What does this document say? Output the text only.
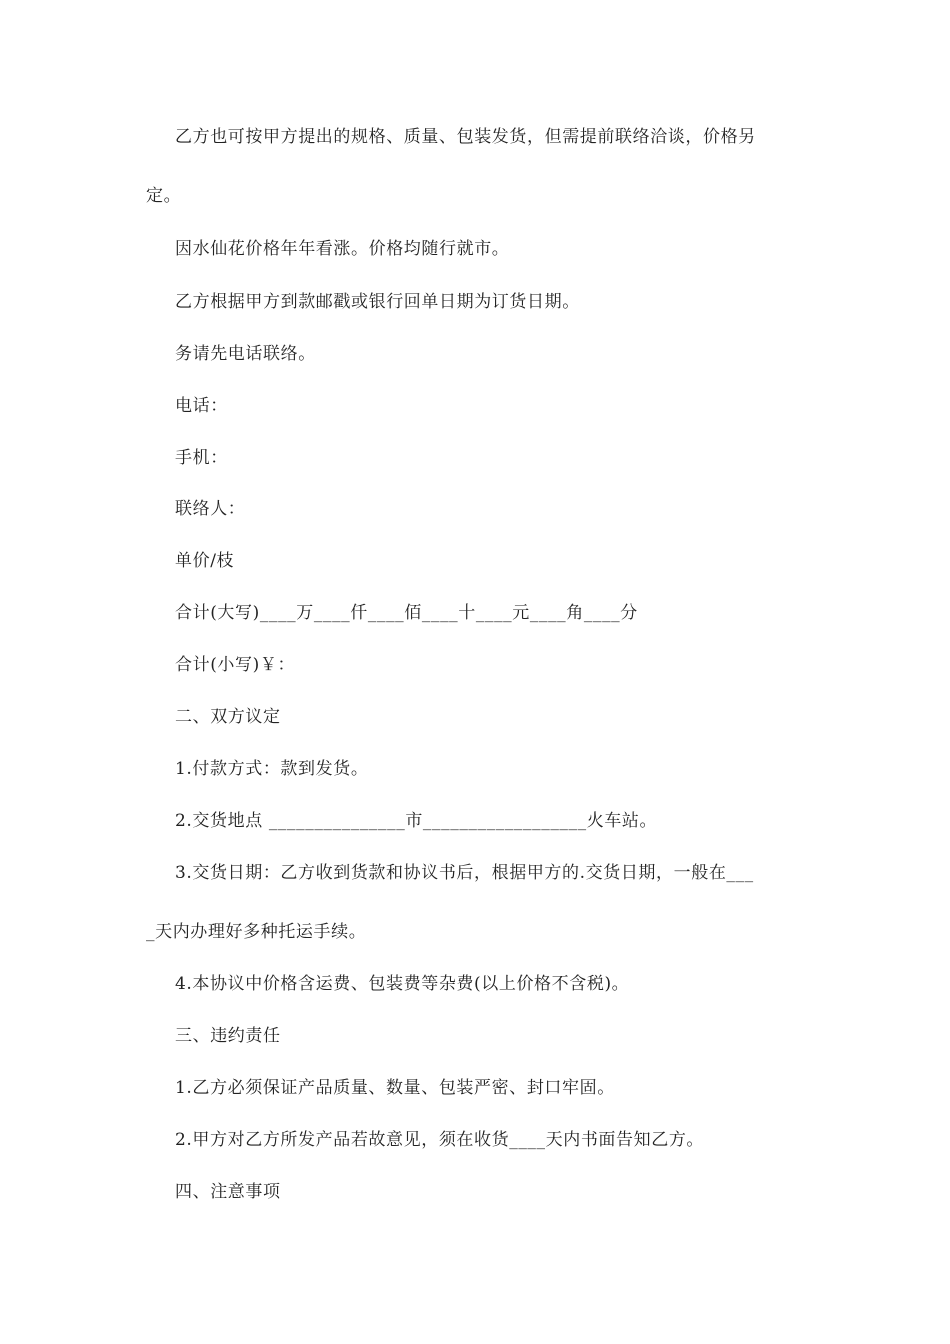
乙方也可按甲方提出的规格、质量、包装发货，但需提前联络洽谈，价格另
定。
因水仙花价格年年看涨。价格均随行就市。
乙方根据甲方到款邮戳或银行回单日期为订货日期。
务请先电话联络。
电话：
手机：
联络人：
单价/枝
合计(大写)____万____仟____佰____十____元____角____分
合计(小写)￥：
二、双方议定
1.付款方式：款到发货。
2.交货地点 _______________市__________________火车站。
3.交货日期：乙方收到货款和协议书后，根据甲方的.交货日期，一般在___
_天内办理好多种托运手续。
4.本协议中价格含运费、包装费等杂费(以上价格不含税)。
三、违约责任
1.乙方必须保证产品质量、数量、包装严密、封口牢固。
2.甲方对乙方所发产品若故意见，须在收货____天内书面告知乙方。
四、注意事项
